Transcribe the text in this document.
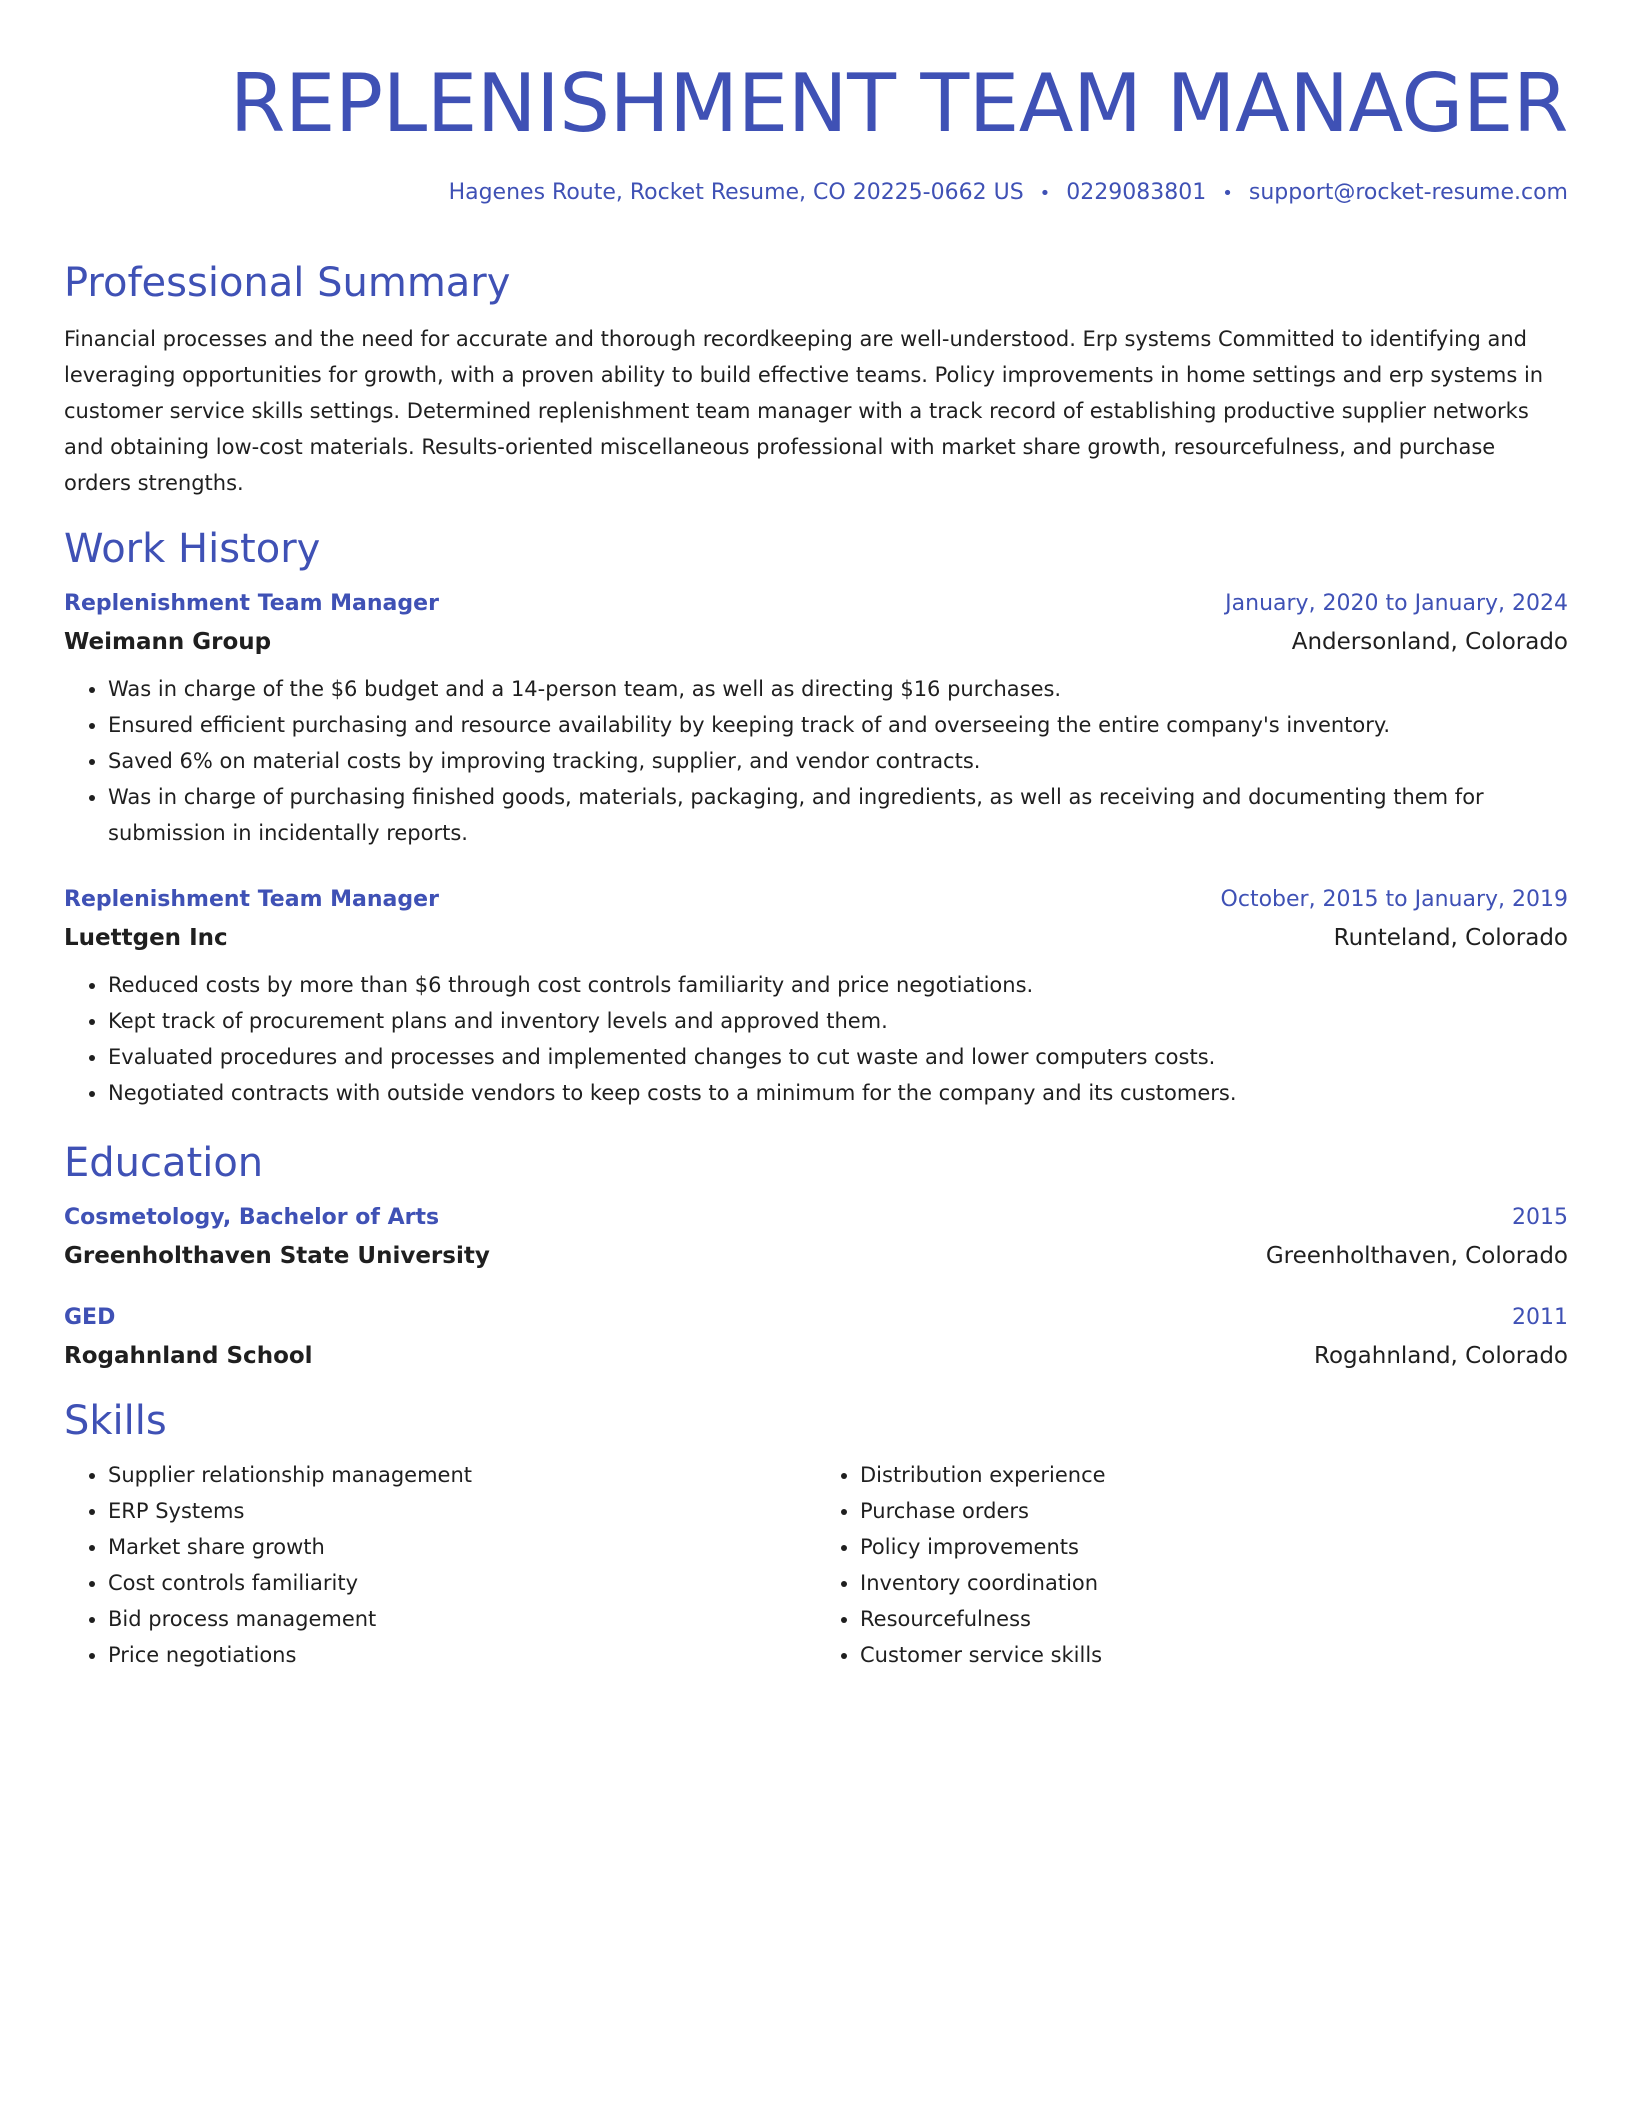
REPLENISHMENT TEAM MANAGER
Hagenes Route, Rocket Resume, CO 20225-0662 US • 0229083801 • support@rocket-resume.com
Professional Summary
Financial processes and the need for accurate and thorough recordkeeping are well-understood. Erp systems Committed to identifying and leveraging opportunities for growth, with a proven ability to build effective teams. Policy improvements in home settings and erp systems in customer service skills settings. Determined replenishment team manager with a track record of establishing productive supplier networks and obtaining low-cost materials. Results-oriented miscellaneous professional with market share growth, resourcefulness, and purchase orders strengths.
Work History
Replenishment Team Manager	January, 2020 to January, 2024
Weimann Group	Andersonland, Colorado
• Was in charge of the $6 budget and a 14-person team, as well as directing $16 purchases.
• Ensured efficient purchasing and resource availability by keeping track of and overseeing the entire company's inventory.
• Saved 6% on material costs by improving tracking, supplier, and vendor contracts.
• Was in charge of purchasing finished goods, materials, packaging, and ingredients, as well as receiving and documenting them for submission in incidentally reports.
Replenishment Team Manager	October, 2015 to January, 2019
Luettgen Inc	Runteland, Colorado
• Reduced costs by more than $6 through cost controls familiarity and price negotiations.
• Kept track of procurement plans and inventory levels and approved them.
• Evaluated procedures and processes and implemented changes to cut waste and lower computers costs.
• Negotiated contracts with outside vendors to keep costs to a minimum for the company and its customers.
Education
Cosmetology, Bachelor of Arts	2015
Greenholthaven State University	Greenholthaven, Colorado
GED	2011
Rogahnland School	Rogahnland, Colorado
Skills
• Supplier relationship management
• ERP Systems
• Market share growth
• Cost controls familiarity
• Bid process management
• Price negotiations
• Distribution experience
• Purchase orders
• Policy improvements
• Inventory coordination
• Resourcefulness
• Customer service skills
